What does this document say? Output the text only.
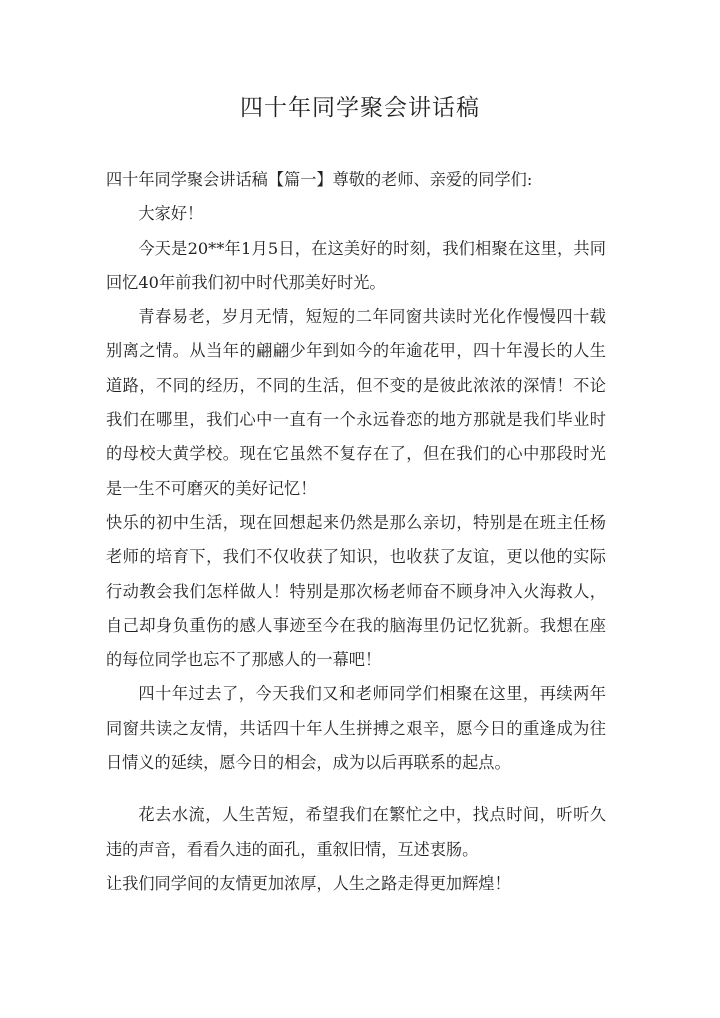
四十年同学聚会讲话稿

四十年同学聚会讲话稿【篇一】尊敬的老师、亲爱的同学们:

大家好！

今天是20**年1月5日，在这美好的时刻，我们相聚在这里，共同回忆40年前我们初中时代那美好时光。

青春易老，岁月无情，短短的二年同窗共读时光化作慢慢四十载别离之情。从当年的翩翩少年到如今的年逾花甲，四十年漫长的人生道路，不同的经历，不同的生活，但不变的是彼此浓浓的深情！不论我们在哪里，我们心中一直有一个永远眷恋的地方那就是我们毕业时的母校大黄学校。现在它虽然不复存在了，但在我们的心中那段时光是一生不可磨灭的美好记忆！

快乐的初中生活，现在回想起来仍然是那么亲切，特别是在班主任杨老师的培育下，我们不仅收获了知识，也收获了友谊，更以他的实际行动教会我们怎样做人！特别是那次杨老师奋不顾身冲入火海救人，自己却身负重伤的感人事迹至今在我的脑海里仍记忆犹新。我想在座的每位同学也忘不了那感人的一幕吧！

四十年过去了，今天我们又和老师同学们相聚在这里，再续两年同窗共读之友情，共话四十年人生拼搏之艰辛，愿今日的重逢成为往日情义的延续，愿今日的相会，成为以后再联系的起点。

花去水流，人生苦短，希望我们在繁忙之中，找点时间，听听久违的声音，看看久违的面孔，重叙旧情，互述衷肠。

让我们同学间的友情更加浓厚，人生之路走得更加辉煌！
